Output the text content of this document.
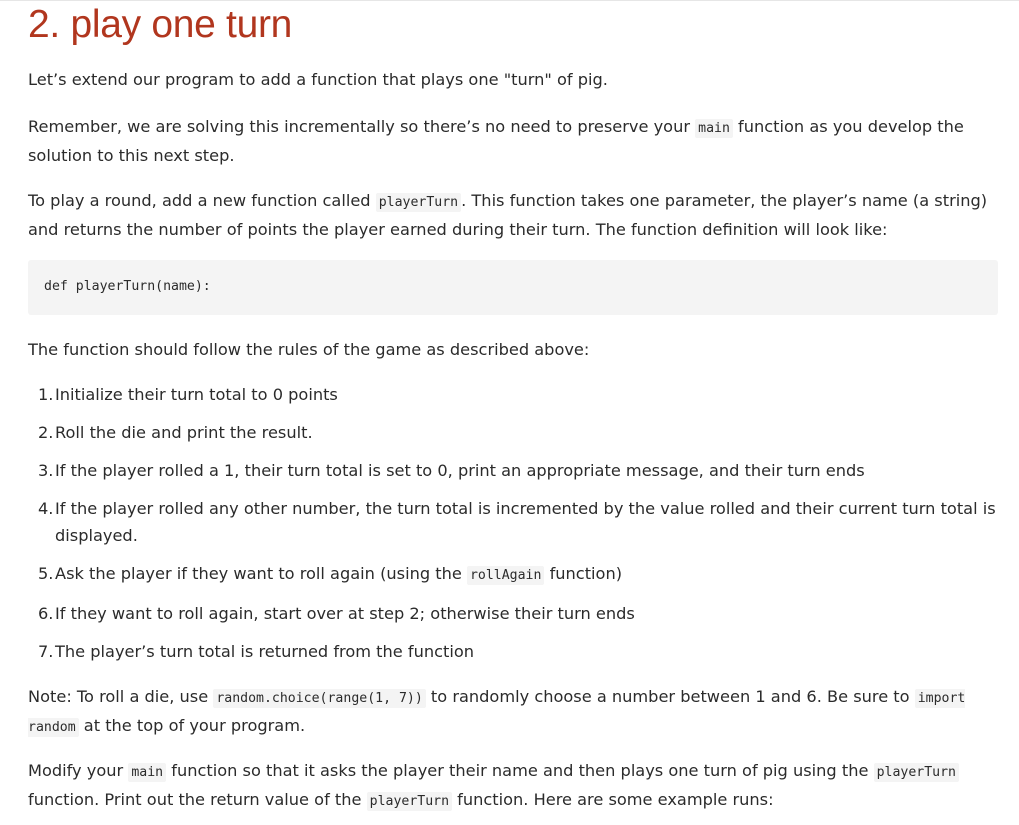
2. play one turn

Let’s extend our program to add a function that plays one "turn" of pig.

Remember, we are solving this incrementally so there’s no need to preserve your main function as you develop the solution to this next step.

To play a round, add a new function called playerTurn . This function takes one parameter, the player’s name (a string) and returns the number of points the player earned during their turn. The function definition will look like:

def playerTurn(name):

The function should follow the rules of the game as described above:

1. Initialize their turn total to 0 points
2. Roll the die and print the result.
3. If the player rolled a 1, their turn total is set to 0, print an appropriate message, and their turn ends
4. If the player rolled any other number, the turn total is incremented by the value rolled and their current turn total is displayed.
5. Ask the player if they want to roll again (using the rollAgain function)
6. If they want to roll again, start over at step 2; otherwise their turn ends
7. The player’s turn total is returned from the function

Note: To roll a die, use random.choice(range(1, 7)) to randomly choose a number between 1 and 6. Be sure to import random at the top of your program.

Modify your main function so that it asks the player their name and then plays one turn of pig using the playerTurn function. Print out the return value of the playerTurn function. Here are some example runs:
